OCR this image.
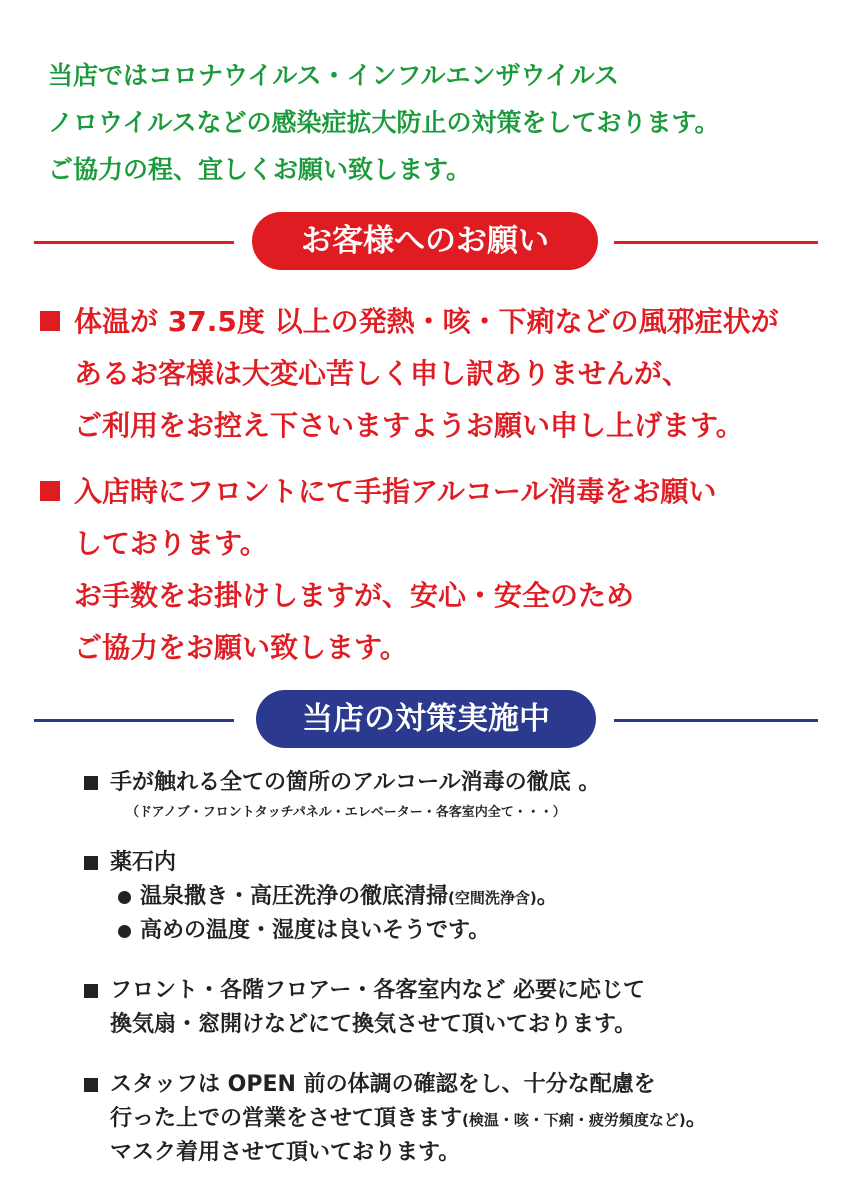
当店ではコロナウイルス・インフルエンザウイルス
ノロウイルスなどの感染症拡大防止の対策をしております。
ご協力の程、宜しくお願い致します。
お客様へのお願い
体温が 37.5度 以上の発熱・咳・下痢などの風邪症状が
あるお客様は大変心苦しく申し訳ありませんが、
ご利用をお控え下さいますようお願い申し上げます。
入店時にフロントにて手指アルコール消毒をお願い
しております。
お手数をお掛けしますが、安心・安全のため
ご協力をお願い致します。
当店の対策実施中
手が触れる全ての箇所のアルコール消毒の徹底 。
（ドアノブ・フロントタッチパネル・エレベーター・各客室内全て・・・）
薬石内
温泉撒き・高圧洗浄の徹底清掃(空間洗浄含)。
高めの温度・湿度は良いそうです。
フロント・各階フロアー・各客室内など 必要に応じて
換気扇・窓開けなどにて換気させて頂いております。
スタッフは OPEN 前の体調の確認をし、十分な配慮を
行った上での営業をさせて頂きます(検温・咳・下痢・疲労頻度など)。
マスク着用させて頂いております。
